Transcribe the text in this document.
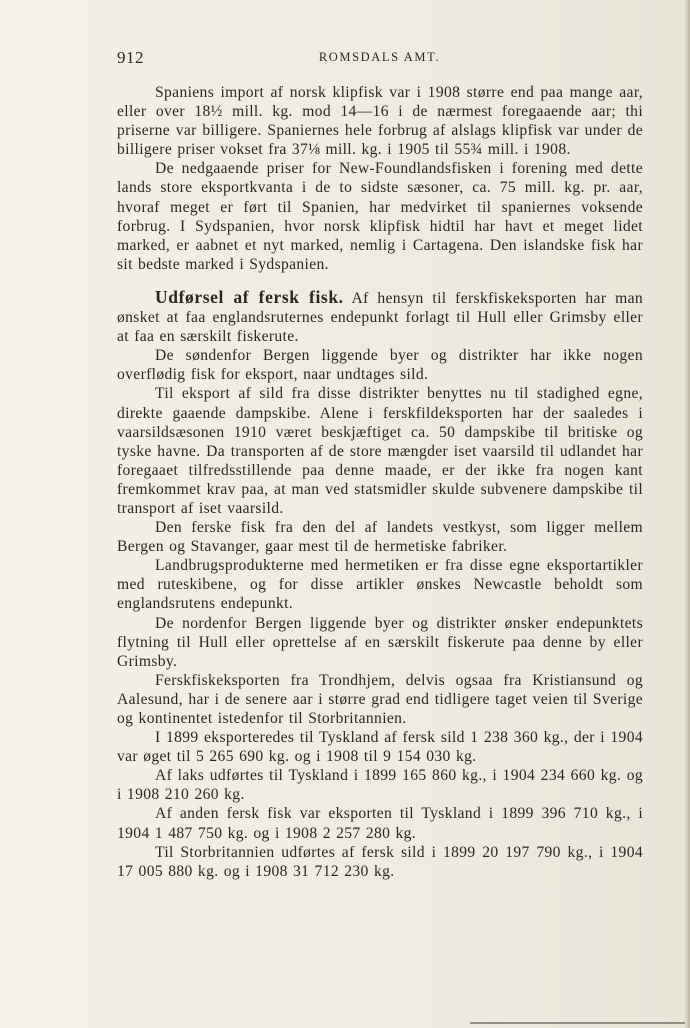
912	ROMSDALS AMT.

Spaniens import af norsk klipfisk var i 1908 større end paa mange aar, eller over 18½ mill. kg. mod 14—16 i de nærmest foregaaende aar; thi priserne var billigere. Spaniernes hele forbrug af alslags klipfisk var under de billigere priser vokset fra 37⅛ mill. kg. i 1905 til 55¾ mill. i 1908.

De nedgaaende priser for New-Foundlandsfisken i forening med dette lands store eksportkvanta i de to sidste sæsoner, ca. 75 mill. kg. pr. aar, hvoraf meget er ført til Spanien, har medvirket til spaniernes voksende forbrug. I Sydspanien, hvor norsk klipfisk hidtil har havt et meget lidet marked, er aabnet et nyt marked, nemlig i Cartagena. Den islandske fisk har sit bedste marked i Sydspanien.

Udførsel af fersk fisk. Af hensyn til ferskfiskeksporten har man ønsket at faa englandsruternes endepunkt forlagt til Hull eller Grimsby eller at faa en særskilt fiskerute.

De søndenfor Bergen liggende byer og distrikter har ikke nogen overflødig fisk for eksport, naar undtages sild.

Til eksport af sild fra disse distrikter benyttes nu til stadighed egne, direkte gaaende dampskibe. Alene i ferskfildeksporten har der saaledes i vaarsildsæsonen 1910 været beskjæftiget ca. 50 dampskibe til britiske og tyske havne. Da transporten af de store mængder iset vaarsild til udlandet har foregaaet tilfredsstillende paa denne maade, er der ikke fra nogen kant fremkommet krav paa, at man ved statsmidler skulde subvenere dampskibe til transport af iset vaarsild.

Den ferske fisk fra den del af landets vestkyst, som ligger mellem Bergen og Stavanger, gaar mest til de hermetiske fabriker.

Landbrugsprodukterne med hermetiken er fra disse egne eksportartikler med ruteskibene, og for disse artikler ønskes Newcastle beholdt som englandsrutens endepunkt.

De nordenfor Bergen liggende byer og distrikter ønsker endepunktets flytning til Hull eller oprettelse af en særskilt fiskerute paa denne by eller Grimsby.

Ferskfiskeksporten fra Trondhjem, delvis ogsaa fra Kristiansund og Aalesund, har i de senere aar i større grad end tidligere taget veien til Sverige og kontinentet istedenfor til Storbritannien.

I 1899 eksporteredes til Tyskland af fersk sild 1 238 360 kg., der i 1904 var øget til 5 265 690 kg. og i 1908 til 9 154 030 kg.

Af laks udførtes til Tyskland i 1899 165 860 kg., i 1904 234 660 kg. og i 1908 210 260 kg.

Af anden fersk fisk var eksporten til Tyskland i 1899 396 710 kg., i 1904 1 487 750 kg. og i 1908 2 257 280 kg.

Til Storbritannien udførtes af fersk sild i 1899 20 197 790 kg., i 1904 17 005 880 kg. og i 1908 31 712 230 kg.
